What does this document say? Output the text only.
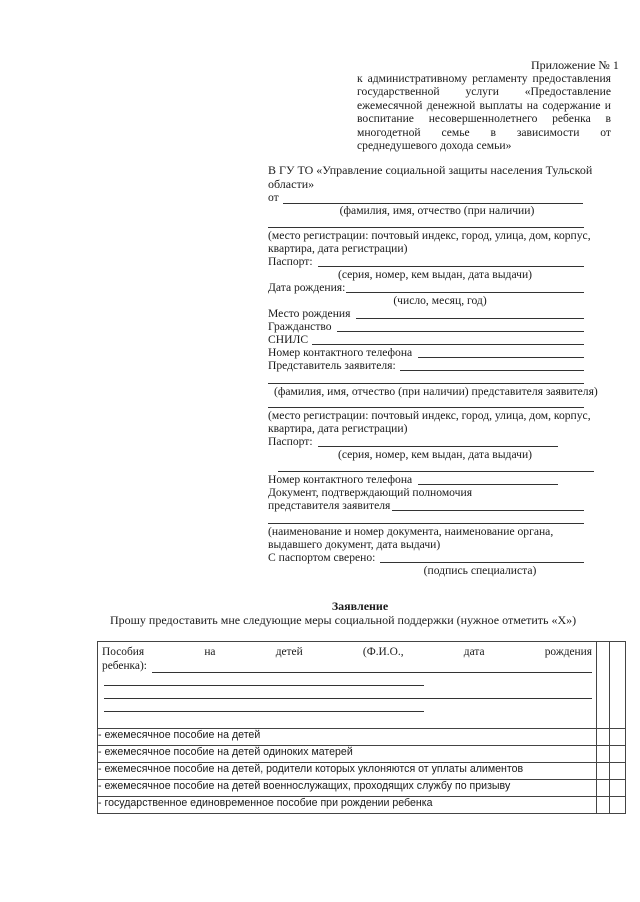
Приложение № 1
к административному регламенту предоставления
государственной услуги «Предоставление
ежемесячной денежной выплаты на содержание и
воспитание несовершеннолетнего ребенка в
многодетной семье в зависимости от
среднедушевого дохода семьи»
В ГУ ТО «Управление социальной защиты населения Тульской
области»
от
(фамилия, имя, отчество (при наличии)
(место регистрации: почтовый индекс, город, улица, дом, корпус,
квартира, дата регистрации)
Паспорт:
(серия, номер, кем выдан, дата выдачи)
Дата рождения:
(число, месяц, год)
Место рождения
Гражданство
СНИЛС
Номер контактного телефона
Представитель заявителя:
(фамилия, имя, отчество (при наличии) представителя заявителя)
(место регистрации: почтовый индекс, город, улица, дом, корпус,
квартира, дата регистрации)
Паспорт:
(серия, номер, кем выдан, дата выдачи)
Номер контактного телефона
Документ, подтверждающий полномочия
представителя заявителя
(наименование и номер документа, наименование органа,
выдавшего документ, дата выдачи)
С паспортом сверено:
(подпись специалиста)
Заявление
Прошу предоставить мне следующие меры социальной поддержки (нужное отметить «Х»)
Пособия на детей (Ф.И.О., дата рождения
ребенка):		

- ежемесячное пособие на детей		
- ежемесячное пособие на детей одиноких матерей		
- ежемесячное пособие на детей, родители которых уклоняются от уплаты алиментов		
- ежемесячное пособие на детей военнослужащих, проходящих службу по призыву		
- государственное единовременное пособие при рождении ребенка		
